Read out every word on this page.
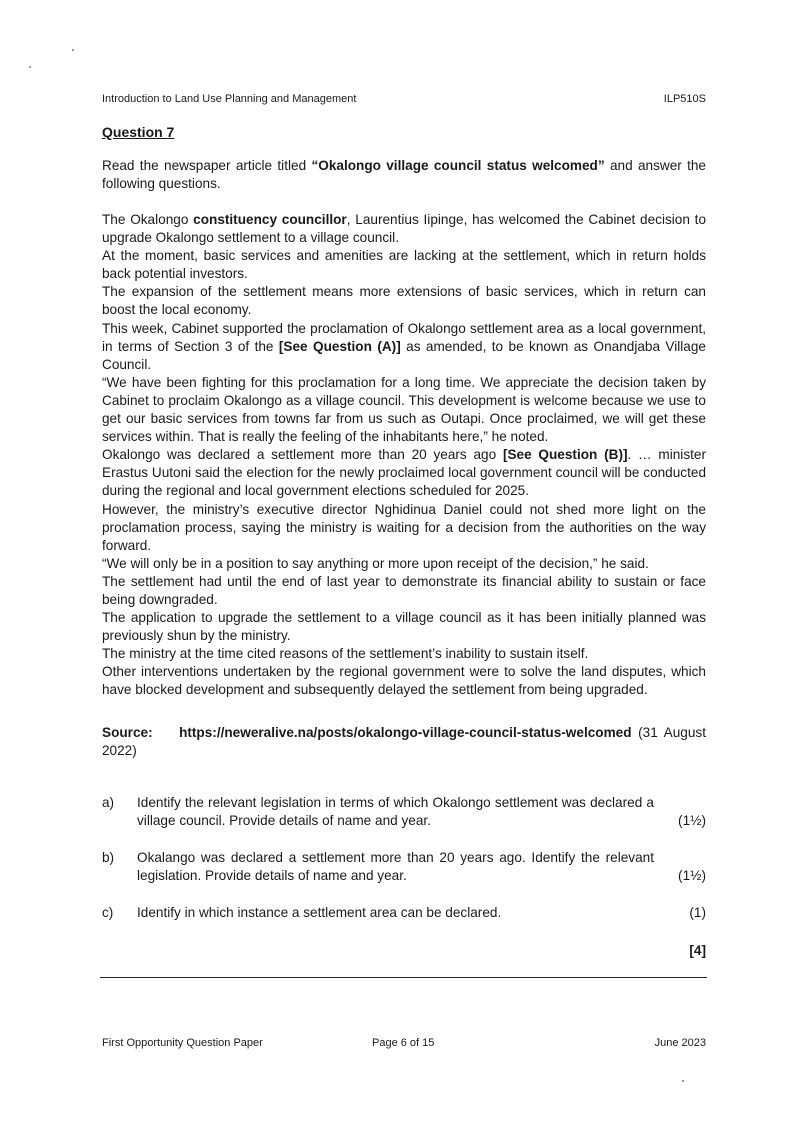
Introduction to Land Use Planning and Management	ILP510S
Question 7

Read the newspaper article titled “Okalongo village council status welcomed” and answer the following questions.

The Okalongo constituency councillor, Laurentius Iipinge, has welcomed the Cabinet decision to upgrade Okalongo settlement to a village council.

At the moment, basic services and amenities are lacking at the settlement, which in return holds back potential investors.

The expansion of the settlement means more extensions of basic services, which in return can boost the local economy.

This week, Cabinet supported the proclamation of Okalongo settlement area as a local government, in terms of Section 3 of the [See Question (A)] as amended, to be known as Onandjaba Village Council.

“We have been fighting for this proclamation for a long time. We appreciate the decision taken by Cabinet to proclaim Okalongo as a village council. This development is welcome because we use to get our basic services from towns far from us such as Outapi. Once proclaimed, we will get these services within. That is really the feeling of the inhabitants here,” he noted.

Okalongo was declared a settlement more than 20 years ago [See Question (B)]. … minister Erastus Uutoni said the election for the newly proclaimed local government council will be conducted during the regional and local government elections scheduled for 2025.

However, the ministry’s executive director Nghidinua Daniel could not shed more light on the proclamation process, saying the ministry is waiting for a decision from the authorities on the way forward.

“We will only be in a position to say anything or more upon receipt of the decision,” he said.

The settlement had until the end of last year to demonstrate its financial ability to sustain or face being downgraded.

The application to upgrade the settlement to a village council as it has been initially planned was previously shun by the ministry.

The ministry at the time cited reasons of the settlement’s inability to sustain itself.

Other interventions undertaken by the regional government were to solve the land disputes, which have blocked development and subsequently delayed the settlement from being upgraded.

Source: https://neweralive.na/posts/okalongo-village-council-status-welcomed (31 August 2022)

a) Identify the relevant legislation in terms of which Okalongo settlement was declared a village council. Provide details of name and year.	(1½)
b) Okalango was declared a settlement more than 20 years ago. Identify the relevant legislation. Provide details of name and year.	(1½)
c) Identify in which instance a settlement area can be declared.	(1)
[4]
First Opportunity Question Paper	Page 6 of 15	June 2023
